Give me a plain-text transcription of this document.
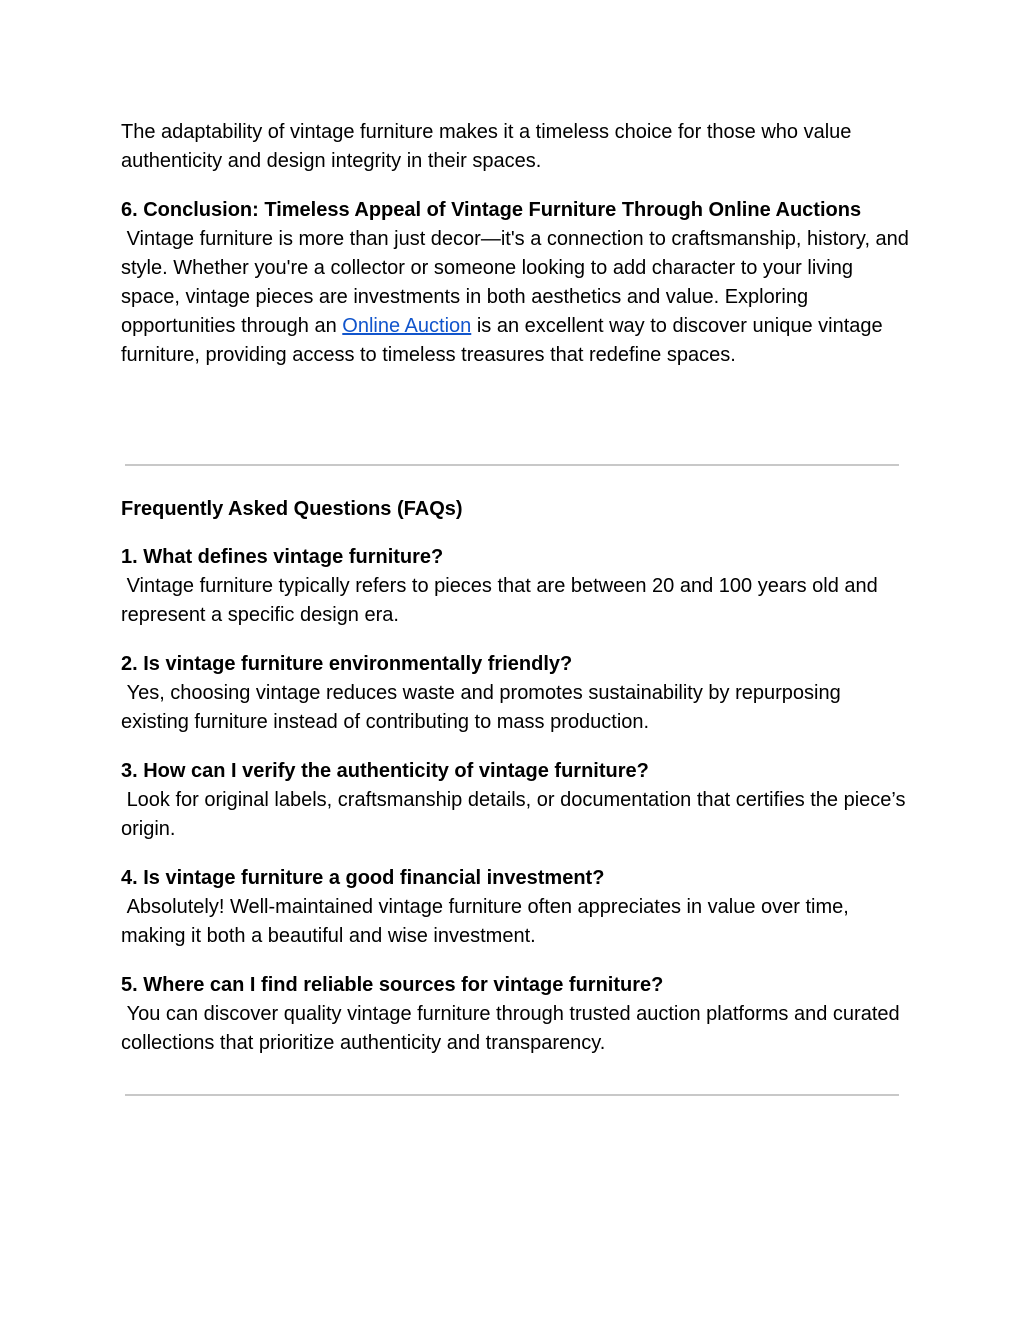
The adaptability of vintage furniture makes it a timeless choice for those who value authenticity and design integrity in their spaces.

6. Conclusion: Timeless Appeal of Vintage Furniture Through Online Auctions

Vintage furniture is more than just decor—it's a connection to craftsmanship, history, and style. Whether you're a collector or someone looking to add character to your living space, vintage pieces are investments in both aesthetics and value. Exploring opportunities through an Online Auction is an excellent way to discover unique vintage furniture, providing access to timeless treasures that redefine spaces.

Frequently Asked Questions (FAQs)
1. What defines vintage furniture?

Vintage furniture typically refers to pieces that are between 20 and 100 years old and represent a specific design era.

2. Is vintage furniture environmentally friendly?

Yes, choosing vintage reduces waste and promotes sustainability by repurposing existing furniture instead of contributing to mass production.

3. How can I verify the authenticity of vintage furniture?

Look for original labels, craftsmanship details, or documentation that certifies the piece’s origin.

4. Is vintage furniture a good financial investment?

Absolutely! Well-maintained vintage furniture often appreciates in value over time, making it both a beautiful and wise investment.

5. Where can I find reliable sources for vintage furniture?

You can discover quality vintage furniture through trusted auction platforms and curated collections that prioritize authenticity and transparency.
